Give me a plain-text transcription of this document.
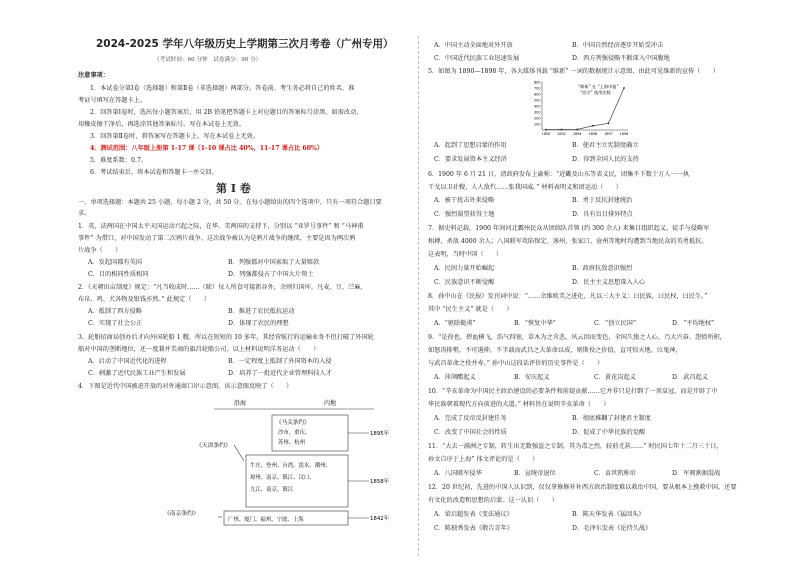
2024-2025 学年八年级历史上学期第三次月考卷（广州专用）
（考试时间：60 分钟　试卷满分：90 分）
注意事项：
1．本试卷分第Ⅰ卷（选择题）和第Ⅱ卷（非选择题）两部分。答卷前，考生务必将自己的姓名、准
考证号填写在答题卡上。
2．回答第Ⅰ卷时，选出每小题答案后，用 2B 铅笔把答题卡上对应题目的答案标号涂黑。如需改动，
用橡皮擦干净后，再选涂其他答案标号。写在本试卷上无效。
3．回答第Ⅱ卷时，将答案写在答题卡上。写在本试卷上无效。
4．测试范围：八年级上册第 1-17 课（1-10 课占比 40%，11-17 课占比 60%）
5．难度系数：0.7。
6．考试结束后，将本试卷和答题卡一并交回。
第 Ⅰ 卷
一、单项选择题：本题共 25 小题，每小题 2 分，共 50 分。在每小题给出的四个选项中，只有一项符合题目要
求。
1．英、法两国在中国太平天国运动兴起之际，在华、美两国的支持下，分别以 “亚罗号事件” 和 “马神甫
事件” 为借口，对中国发动了第二次鸦片战争。这次战争被认为是鸦片战争的继续，主要是因为两次鸦
片战争（　　）
A．发起国都有英国	B．列强都对中国索取了大量赔款
C．目的相同性质相同	D．列强都侵占了中国大片领土
2．《天朝田亩制度》规定：“凡当收成时……（除）每人所食可接新谷外，余则归国库。凡麦、豆、苎麻、
布帛、鸡、犬各物及银钱亦然。” 此规定（　　）
A．抵制了西方侵略	B．推进了农民抵抗运动
C．实现了社会公正	D．体现了农民的理想
3．轮船招商局创办后才向外国轮船 1 艘，所以在短短的 10 多年，其经营航行的运输业务不但打破了外国轮
船对中国的垄断地位，还一度兼并美商的旗昌轮船公司。以上材料说明洋务运动（　　）
A．启动了中国近代化的进程	B．一定程度上抵制了外国资本的入侵
C．刺激了近代民族工业产生和发展	D．培养了一批近代企业管理科技人才
4．下图是近代中国被迫开放的对外通商口岸示意图，该示意图反映了（　　）
沿海	内地
《马关条约》
沙市、重庆、
苏州、杭州
1895年
《天津条约》
牛庄、登州、台湾、淡水、潮州、
琼州、南京、镇江、汉口、
九江、南京、镇江
1858年
《南京条约》
广州、厦门、福州、宁波、上海	1842年
A．中国主动全面地对外开放	B．中国自然经济逐步开始受冲击
C．中国近代民族工业迅速发展	D．西方列强侵略不断深入中国腹地
5．如图为 1890—1898 年，各大媒体刊载 “维新” 一词的数据统计示意图，由此可见维新的宣传（　　）
800
700
600
500
400
300
200
100
1890 1892 1894 1896 1897 1898
“维新” 在 “上海申报”
“西学” 使用次数
A．起到了思想启蒙的作用	B．使君主立宪制度确立
C．要求发展资本主义经济	D．得到全国人民的支持
6．1900 年 6 月 21 日，清政府发布上谕称：“近畿及山东等省义民，团集不下数十万人一一执
干戈以卫社稷，人人敌忾……张我国威。” 材料表明义和团运动（　　）
A．被干扰击外来侵略	B．勇于反抗封建统治
C．强烈渴望获得土地	D．具有盲目排外特点
7．据史料记载，1900 年间河北霸州民众从团练队首领 (约 300 余人) 来集目组织起义，徒手与侵略军
相搏，杀敌 4000 余人；八国联军攻陷保定、涿州、张家口，沧州等地时均遭到当地民众的英勇抵抗。
这表明，当时中国（　　）
A．民间力量开始崛起	B．政府抗敌意识强烈
C．民族意识不断觉醒	D．民主主义思想深入人心
8．孙中山在《民报》发刊词中说：“……余维欧美之进化，凡以三大主义：曰民族，曰民权，曰民生。”
其中 “民生主义” 就是（　　）
A．“驱除鞑虏”	B．“恢复中华”	C．“创立民国”	D．“平均地权”
9．“是役也，碧血横飞，浩气四塞，草木为之含悲，风云因而变色，全国久蛰之人心，乃大兴奋。怨愤所积，
如怒涛排壑，不可遏抑，不半载而武昌之大革命以成，则斯役之价值，直可惊天地、泣鬼神，
与武昌革命之役并寿。” 孙中山这段话评价的历史事件是（　　）
A．萍浏醴起义	B．安庆起义	C．黄花岗起义	D．武昌起义
10．“辛亥革命为中国民主政治建设的必要条件和前提贡献……它并非只是打倒了一顶皇冠，而是开辟了中
华民族朝着现代方向前进的大道。” 材料旨在说明辛亥革命（　　）
A．完成了反帝反封建任务	B．彻底推翻了封建君主制度
C．改变了中国社会的性质	D．促成了中华民族的觉醒
11．“大去一满洲之专制，转生出无数强盗之专制，其为毒之烈，较前尤甚……” 时民国七年十二月三十日，
孙文自序于上海” 体文评论的是（　　）
A．八国联军侵华	B．宣统帝退位	C．袁世凯称帝	D．军阀割据混战
12．20 世纪初，先进的中国人认识到，仅仅拿修修补补西方政治制度难以救治中国，要从根本上挽救中国，还要
有文化的改造和思想的启蒙。这一认识（　　）
A．梁启超发表《变法通议》	B．陈天华发表《猛回头》
C．陈独秀发表《敬告青年》	D．毛泽东发表《论持久战》
